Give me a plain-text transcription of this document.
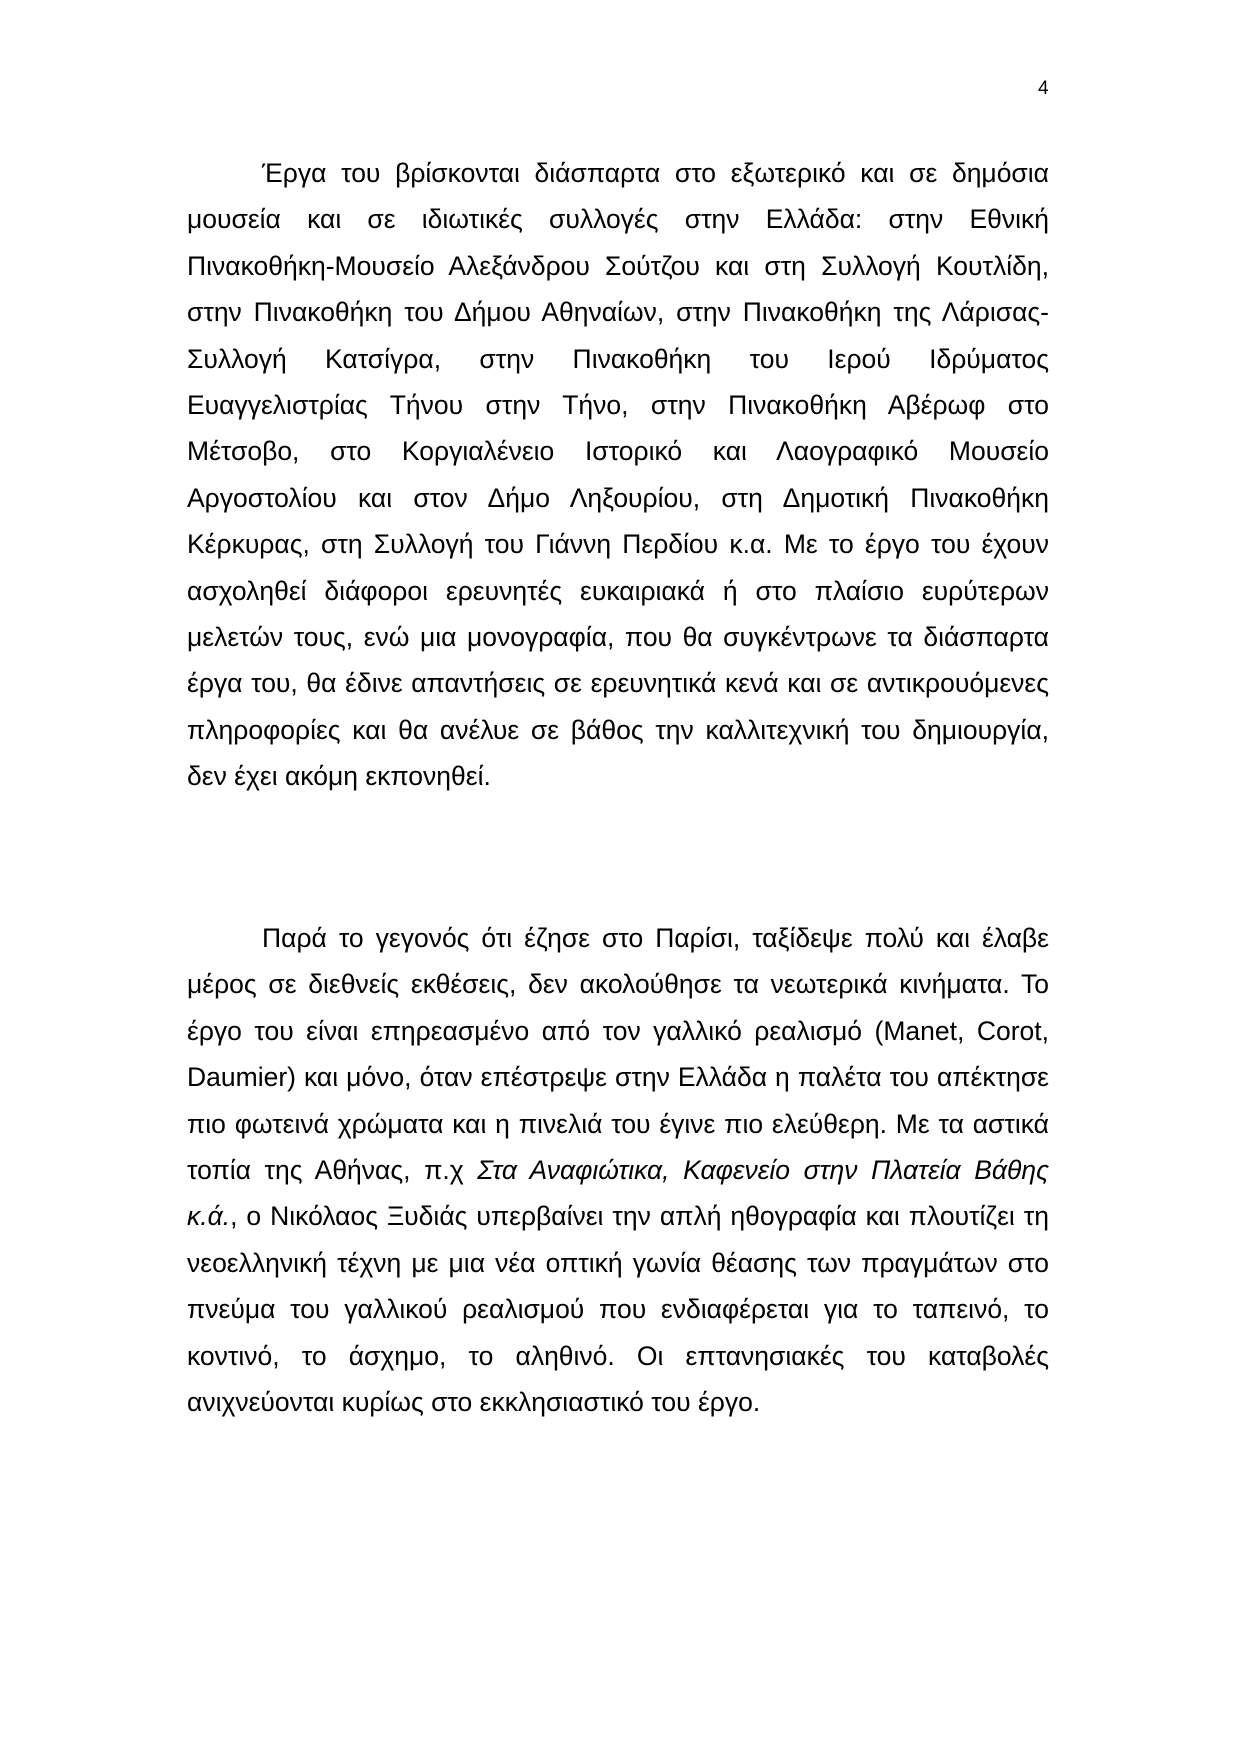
4

Έργα του βρίσκονται διάσπαρτα στο εξωτερικό και σε δημόσια μουσεία και σε ιδιωτικές συλλογές στην Ελλάδα: στην Εθνική Πινακοθήκη-Μουσείο Αλεξάνδρου Σούτζου και στη Συλλογή Κουτλίδη, στην Πινακοθήκη του Δήμου Αθηναίων, στην Πινακοθήκη της Λάρισας-Συλλογή Κατσίγρα, στην Πινακοθήκη του Ιερού Ιδρύματος Ευαγγελιστρίας Τήνου στην Τήνο, στην Πινακοθήκη Αβέρωφ στο Μέτσοβο, στο Κοργιαλένειο Ιστορικό και Λαογραφικό Μουσείο Αργοστολίου και στον Δήμο Ληξουρίου, στη Δημοτική Πινακοθήκη Κέρκυρας, στη Συλλογή του Γιάννη Περδίου κ.α. Με το έργο του έχουν ασχοληθεί διάφοροι ερευνητές ευκαιριακά ή στο πλαίσιο ευρύτερων μελετών τους, ενώ μια μονογραφία, που θα συγκέντρωνε τα διάσπαρτα έργα του, θα έδινε απαντήσεις σε ερευνητικά κενά και σε αντικρουόμενες πληροφορίες και θα ανέλυε σε βάθος την καλλιτεχνική του δημιουργία, δεν έχει ακόμη εκπονηθεί.

Παρά το γεγονός ότι έζησε στο Παρίσι, ταξίδεψε πολύ και έλαβε μέρος σε διεθνείς εκθέσεις, δεν ακολούθησε τα νεωτερικά κινήματα. Το έργο του είναι επηρεασμένο από τον γαλλικό ρεαλισμό (Manet, Corot, Daumier) και μόνο, όταν επέστρεψε στην Ελλάδα η παλέτα του απέκτησε πιο φωτεινά χρώματα και η πινελιά του έγινε πιο ελεύθερη. Με τα αστικά τοπία της Αθήνας, π.χ Στα Αναφιώτικα, Καφενείο στην Πλατεία Βάθης κ.ά., ο Νικόλαος Ξυδιάς υπερβαίνει την απλή ηθογραφία και πλουτίζει τη νεοελληνική τέχνη με μια νέα οπτική γωνία θέασης των πραγμάτων στο πνεύμα του γαλλικού ρεαλισμού που ενδιαφέρεται για το ταπεινό, το κοντινό, το άσχημο, το αληθινό. Οι επτανησιακές του καταβολές ανιχνεύονται κυρίως στο εκκλησιαστικό του έργο.
